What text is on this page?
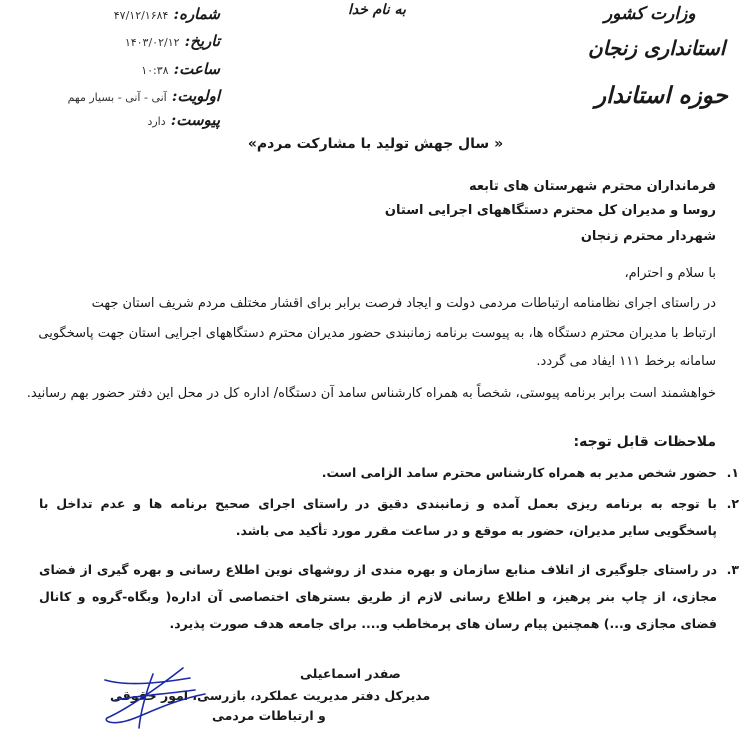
وزارت کشور
استانداری زنجان
حوزه استاندار
به نام خدا
شماره: ۴۷/۱۲/۱۶۸۴
تاریخ: ۱۴۰۳/۰۲/۱۲
ساعت: ۱۰:۳۸
اولویت: آنی - آنی - بسیار مهم
پیوست: دارد
« سال جهش تولید با مشارکت مردم»
فرمانداران محترم شهرستان های تابعه
روسا و مدیران کل محترم دستگاههای اجرایی استان
شهردار محترم زنجان
با سلام و احترام،
در راستای اجرای نظامنامه ارتباطات مردمی دولت و ایجاد فرصت برابر برای اقشار مختلف مردم شریف استان جهت
ارتباط با مدیران محترم دستگاه ها، به پیوست برنامه زمانبندی حضور مدیران محترم دستگاههای اجرایی استان جهت پاسخگویی
سامانه برخط ۱۱۱ ایفاد می گردد.
خواهشمند است برابر برنامه پیوستی، شخصاً به همراه کارشناس سامد آن دستگاه/ اداره کل در محل این دفتر حضور بهم رسانید.
ملاحظات قابل توجه:
۱.
حضور شخص مدیر به همراه کارشناس محترم سامد الزامی است.
۲.
با توجه به برنامه ریزی بعمل آمده و زمانبندی دقیق در راستای اجرای صحیح برنامه ها و عدم تداخل با پاسخگویی سایر مدیران، حضور به موقع و در ساعت مقرر مورد تأکید می باشد.
۳.
در راستای جلوگیری از اتلاف منابع سازمان و بهره مندی از روشهای نوین اطلاع رسانی و بهره گیری از فضای مجازی، از چاپ بنر پرهیز، و اطلاع رسانی لازم از طریق بسترهای اختصاصی آن اداره( وبگاه-گروه و کانال فضای مجازی و...) همچنین پیام رسان های پرمخاطب و.... برای جامعه هدف صورت پذیرد.
صفدر اسماعیلی
مدیرکل دفتر مدیریت عملکرد، بازرسی، امور حقوقی
و ارتباطات مردمی
